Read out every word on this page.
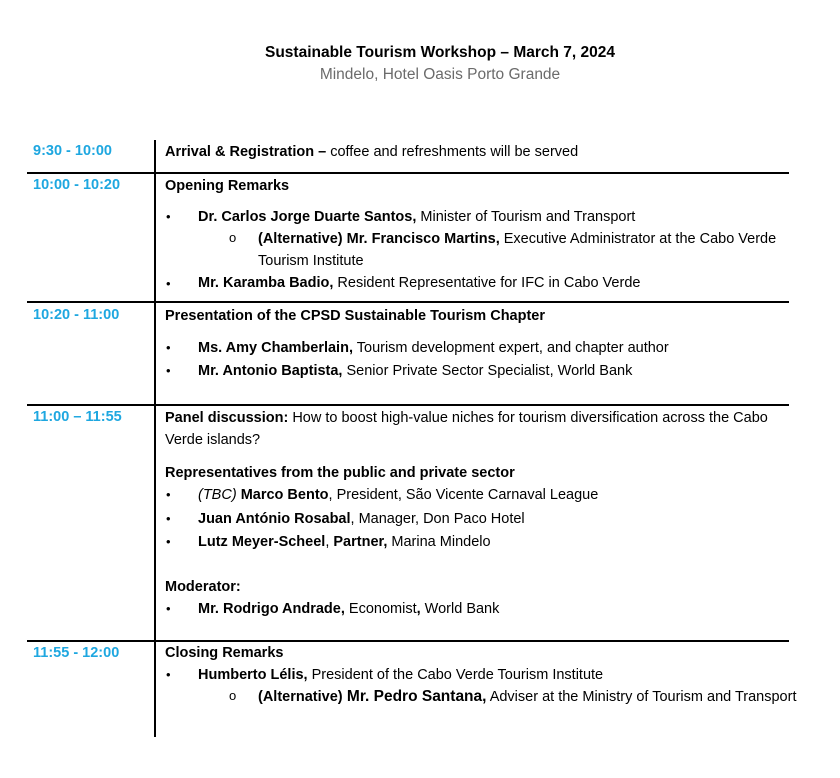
Sustainable Tourism Workshop – March 7, 2024
Mindelo, Hotel Oasis Porto Grande
9:30 - 10:00	Arrival & Registration – coffee and refreshments will be served
10:00 - 10:20	Opening Remarks
• Dr. Carlos Jorge Duarte Santos, Minister of Tourism and Transport
o (Alternative) Mr. Francisco Martins, Executive Administrator at the Cabo Verde Tourism Institute
• Mr. Karamba Badio, Resident Representative for IFC in Cabo Verde
10:20 - 11:00	Presentation of the CPSD Sustainable Tourism Chapter
• Ms. Amy Chamberlain, Tourism development expert, and chapter author
• Mr. Antonio Baptista, Senior Private Sector Specialist, World Bank
11:00 – 11:55	Panel discussion: How to boost high-value niches for tourism diversification across the Cabo Verde islands?
Representatives from the public and private sector
• (TBC) Marco Bento, President, São Vicente Carnaval League
• Juan António Rosabal, Manager, Don Paco Hotel
• Lutz Meyer-Scheel, Partner, Marina Mindelo
Moderator:
• Mr. Rodrigo Andrade, Economist, World Bank
11:55 - 12:00	Closing Remarks
• Humberto Lélis, President of the Cabo Verde Tourism Institute
o (Alternative) Mr. Pedro Santana, Adviser at the Ministry of Tourism and Transport
